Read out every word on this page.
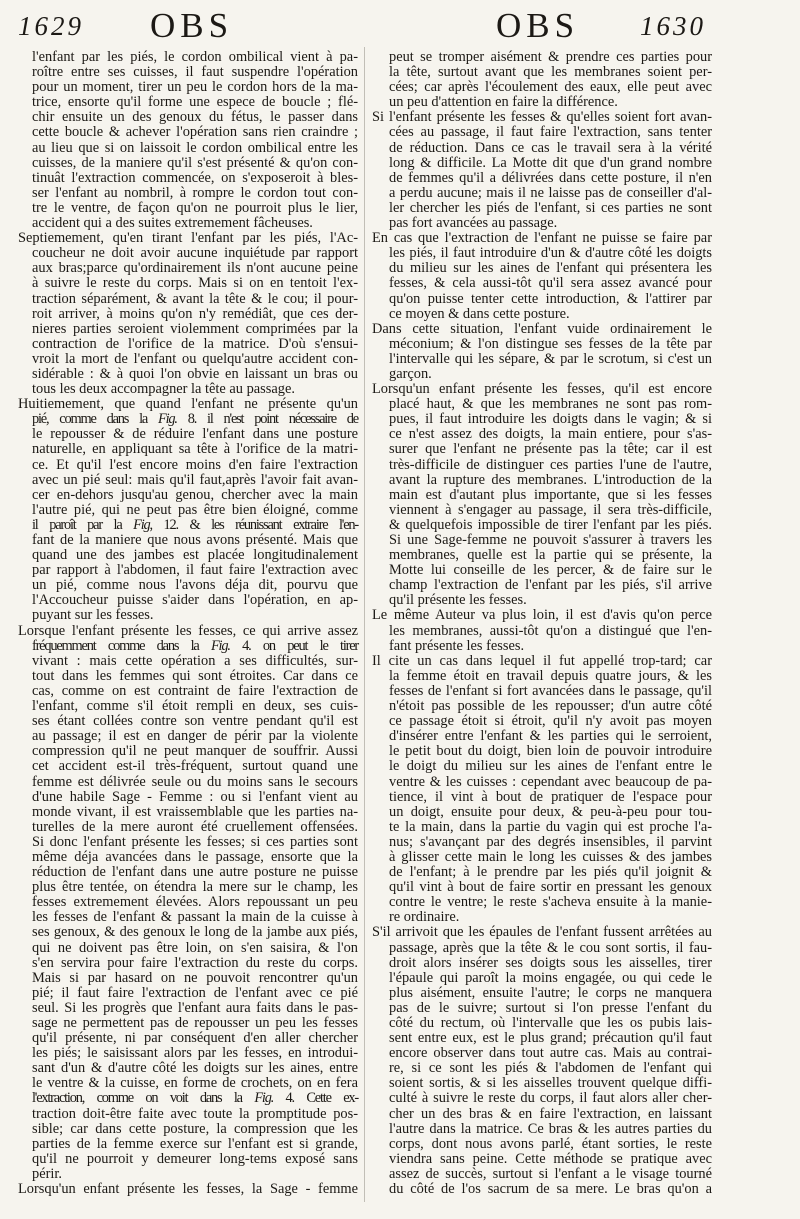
1629 OBS	OBS 1630
l'enfant par les piés, le cordon ombilical vient à pa-
roître entre ses cuisses, il faut suspendre l'opération
pour un moment, tirer un peu le cordon hors de la ma-
trice, ensorte qu'il forme une espece de boucle ; flé-
chir ensuite un des genoux du fétus, le passer dans
cette boucle & achever l'opération sans rien craindre ;
au lieu que si on laissoit le cordon ombilical entre les
cuisses, de la maniere qu'il s'est présenté & qu'on con-
tinuât l'extraction commencée, on s'exposeroit à bles-
ser l'enfant au nombril, à rompre le cordon tout con-
tre le ventre, de façon qu'on ne pourroit plus le lier,
accident qui a des suites extremement fâcheuses.
Septiemement, qu'en tirant l'enfant par les piés, l'Ac-
coucheur ne doit avoir aucune inquiétude par rapport
aux bras;parce qu'ordinairement ils n'ont aucune peine
à suivre le reste du corps. Mais si on en tentoit l'ex-
traction séparément, & avant la tête & le cou; il pour-
roit arriver, à moins qu'on n'y remédiât, que ces der-
nieres parties seroient violemment comprimées par la
contraction de l'orifice de la matrice. D'où s'ensui-
vroit la mort de l'enfant ou quelqu'autre accident con-
sidérable : & à quoi l'on obvie en laissant un bras ou
tous les deux accompagner la tête au passage.
Huitiemement, que quand l'enfant ne présente qu'un
pié, comme dans la Fig. 8. il n'est point nécessaire de
le repousser & de réduire l'enfant dans une posture
naturelle, en appliquant sa tête à l'orifice de la matri-
ce. Et qu'il l'est encore moins d'en faire l'extraction
avec un pié seul: mais qu'il faut,après l'avoir fait avan-
cer en-dehors jusqu'au genou, chercher avec la main
l'autre pié, qui ne peut pas être bien éloigné, comme
il paroît par la Fig, 12. & les réunissant extraire l'en-
fant de la maniere que nous avons présenté. Mais que
quand une des jambes est placée longitudinalement
par rapport à l'abdomen, il faut faire l'extraction avec
un pié, comme nous l'avons déja dit, pourvu que
l'Accoucheur puisse s'aider dans l'opération, en ap-
puyant sur les fesses.
Lorsque l'enfant présente les fesses, ce qui arrive assez
fréquemment comme dans la Fig. 4. on peut le tirer
vivant : mais cette opération a ses difficultés, sur-
tout dans les femmes qui sont étroites. Car dans ce
cas, comme on est contraint de faire l'extraction de
l'enfant, comme s'il étoit rempli en deux, ses cuis-
ses étant collées contre son ventre pendant qu'il est
au passage; il est en danger de périr par la violente
compression qu'il ne peut manquer de souffrir. Aussi
cet accident est-il très-fréquent, surtout quand une
femme est délivrée seule ou du moins sans le secours
d'une habile Sage - Femme : ou si l'enfant vient au
monde vivant, il est vraissemblable que les parties na-
turelles de la mere auront été cruellement offensées.
Si donc l'enfant présente les fesses; si ces parties sont
même déja avancées dans le passage, ensorte que la
réduction de l'enfant dans une autre posture ne puisse
plus être tentée, on étendra la mere sur le champ, les
fesses extremement élevées. Alors repoussant un peu
les fesses de l'enfant & passant la main de la cuisse à
ses genoux, & des genoux le long de la jambe aux piés,
qui ne doivent pas être loin, on s'en saisira, & l'on
s'en servira pour faire l'extraction du reste du corps.
Mais si par hasard on ne pouvoit rencontrer qu'un
pié; il faut faire l'extraction de l'enfant avec ce pié
seul. Si les progrès que l'enfant aura faits dans le pas-
sage ne permettent pas de repousser un peu les fesses
qu'il présente, ni par conséquent d'en aller chercher
les piés; le saisissant alors par les fesses, en introdui-
sant d'un & d'autre côté les doigts sur les aines, entre
le ventre & la cuisse, en forme de crochets, on en fera
l'extraction, comme on voit dans la Fig. 4. Cette ex-
traction doit-être faite avec toute la promptitude pos-
sible; car dans cette posture, la compression que les
parties de la femme exerce sur l'enfant est si grande,
qu'il ne pourroit y demeurer long-tems exposé sans
périr.
Lorsqu'un enfant présente les fesses, la Sage - femme
peut se tromper aisément & prendre ces parties pour
la tête, surtout avant que les membranes soient per-
cées; car après l'écoulement des eaux, elle peut avec
un peu d'attention en faire la différence.
Si l'enfant présente les fesses & qu'elles soient fort avan-
cées au passage, il faut faire l'extraction, sans tenter
de réduction. Dans ce cas le travail sera à la vérité
long & difficile. La Motte dit que d'un grand nombre
de femmes qu'il a délivrées dans cette posture, il n'en
a perdu aucune; mais il ne laisse pas de conseiller d'al-
ler chercher les piés de l'enfant, si ces parties ne sont
pas fort avancées au passage.
En cas que l'extraction de l'enfant ne puisse se faire par
les piés, il faut introduire d'un & d'autre côté les doigts
du milieu sur les aines de l'enfant qui présentera les
fesses, & cela aussi-tôt qu'il sera assez avancé pour
qu'on puisse tenter cette introduction, & l'attirer par
ce moyen & dans cette posture.
Dans cette situation, l'enfant vuide ordinairement le
méconium; & l'on distingue ses fesses de la tête par
l'intervalle qui les sépare, & par le scrotum, si c'est un
garçon.
Lorsqu'un enfant présente les fesses, qu'il est encore
placé haut, & que les membranes ne sont pas rom-
pues, il faut introduire les doigts dans le vagin; & si
ce n'est assez des doigts, la main entiere, pour s'as-
surer que l'enfant ne présente pas la tête; car il est
très-difficile de distinguer ces parties l'une de l'autre,
avant la rupture des membranes. L'introduction de la
main est d'autant plus importante, que si les fesses
viennent à s'engager au passage, il sera très-difficile,
& quelquefois impossible de tirer l'enfant par les piés.
Si une Sage-femme ne pouvoit s'assurer à travers les
membranes, quelle est la partie qui se présente, la
Motte lui conseille de les percer, & de faire sur le
champ l'extraction de l'enfant par les piés, s'il arrive
qu'il présente les fesses.
Le même Auteur va plus loin, il est d'avis qu'on perce
les membranes, aussi-tôt qu'on a distingué que l'en-
fant présente les fesses.
Il cite un cas dans lequel il fut appellé trop-tard; car
la femme étoit en travail depuis quatre jours, & les
fesses de l'enfant si fort avancées dans le passage, qu'il
n'étoit pas possible de les repousser; d'un autre côté
ce passage étoit si étroit, qu'il n'y avoit pas moyen
d'insérer entre l'enfant & les parties qui le serroient,
le petit bout du doigt, bien loin de pouvoir introduire
le doigt du milieu sur les aines de l'enfant entre le
ventre & les cuisses : cependant avec beaucoup de pa-
tience, il vint à bout de pratiquer de l'espace pour
un doigt, ensuite pour deux, & peu-à-peu pour tou-
te la main, dans la partie du vagin qui est proche l'a-
nus; s'avançant par des degrés insensibles, il parvint
à glisser cette main le long les cuisses & des jambes
de l'enfant; à le prendre par les piés qu'il joignit &
qu'il vint à bout de faire sortir en pressant les genoux
contre le ventre; le reste s'acheva ensuite à la manie-
re ordinaire.
S'il arrivoit que les épaules de l'enfant fussent arrêtées au
passage, après que la tête & le cou sont sortis, il fau-
droit alors insérer ses doigts sous les aisselles, tirer
l'épaule qui paroît la moins engagée, ou qui cede le
plus aisément, ensuite l'autre; le corps ne manquera
pas de le suivre; surtout si l'on presse l'enfant du
côté du rectum, où l'intervalle que les os pubis lais-
sent entre eux, est le plus grand; précaution qu'il faut
encore observer dans tout autre cas. Mais au contrai-
re, si ce sont les piés & l'abdomen de l'enfant qui
soient sortis, & si les aisselles trouvent quelque diffi-
culté à suivre le reste du corps, il faut alors aller cher-
cher un des bras & en faire l'extraction, en laissant
l'autre dans la matrice. Ce bras & les autres parties du
corps, dont nous avons parlé, étant sorties, le reste
viendra sans peine. Cette méthode se pratique avec
assez de succès, surtout si l'enfant a le visage tourné
du côté de l'os sacrum de sa mere. Le bras qu'on a
